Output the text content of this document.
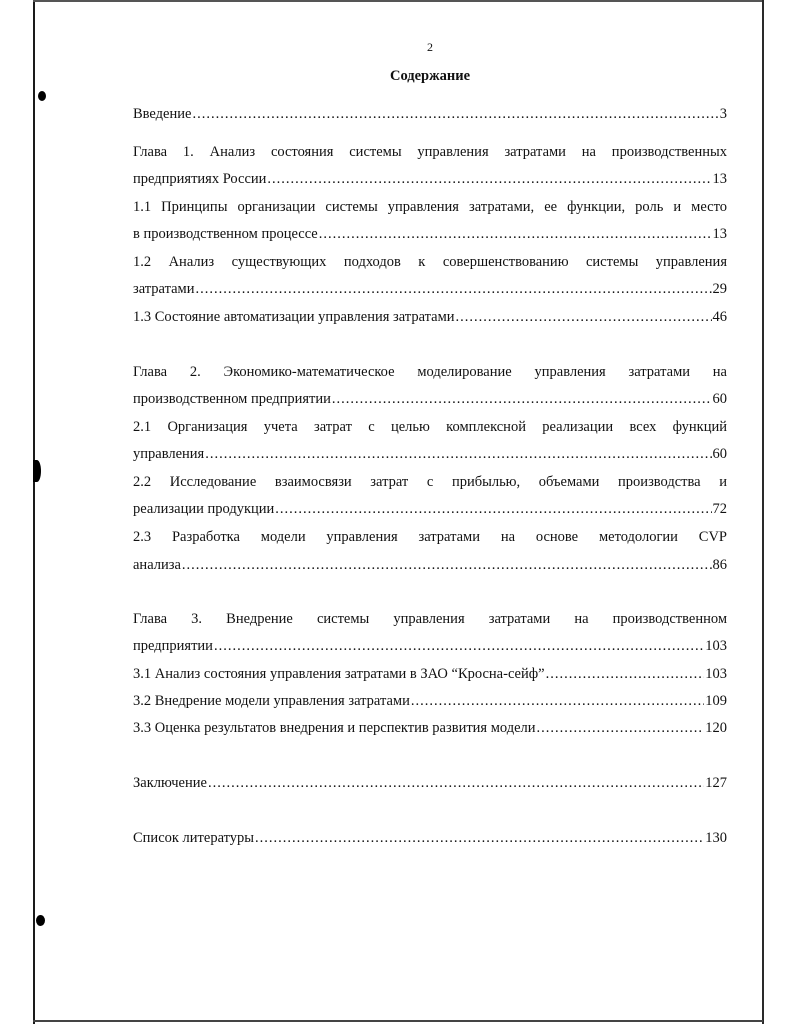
2
Содержание
Введение .....	3
Глава 1. Анализ состояния системы управления затратами на производственных
предприятиях России .....	13
1.1 Принципы организации системы управления затратами, ее функции, роль и место
в производственном процессе .....	13
1.2 Анализ существующих подходов к совершенствованию системы управления
затратами .....	29
1.3 Состояние автоматизации управления затратами .....	46
Глава 2. Экономико-математическое моделирование управления затратами на
производственном предприятии .....	60
2.1 Организация учета затрат с целью комплексной реализации всех функций
управления .....	60
2.2 Исследование взаимосвязи затрат с прибылью, объемами производства и
реализации продукции .....	72
2.3 Разработка модели управления затратами на основе методологии CVP
анализа .....	86
Глава 3. Внедрение системы управления затратами на производственном
предприятии .....	103
3.1 Анализ состояния управления затратами в ЗАО “Кросна-сейф” .....	103
3.2 Внедрение модели управления затратами .....	109
3.3 Оценка результатов внедрения и перспектив развития модели .....	120
Заключение .....	127
Список литературы .....	130
